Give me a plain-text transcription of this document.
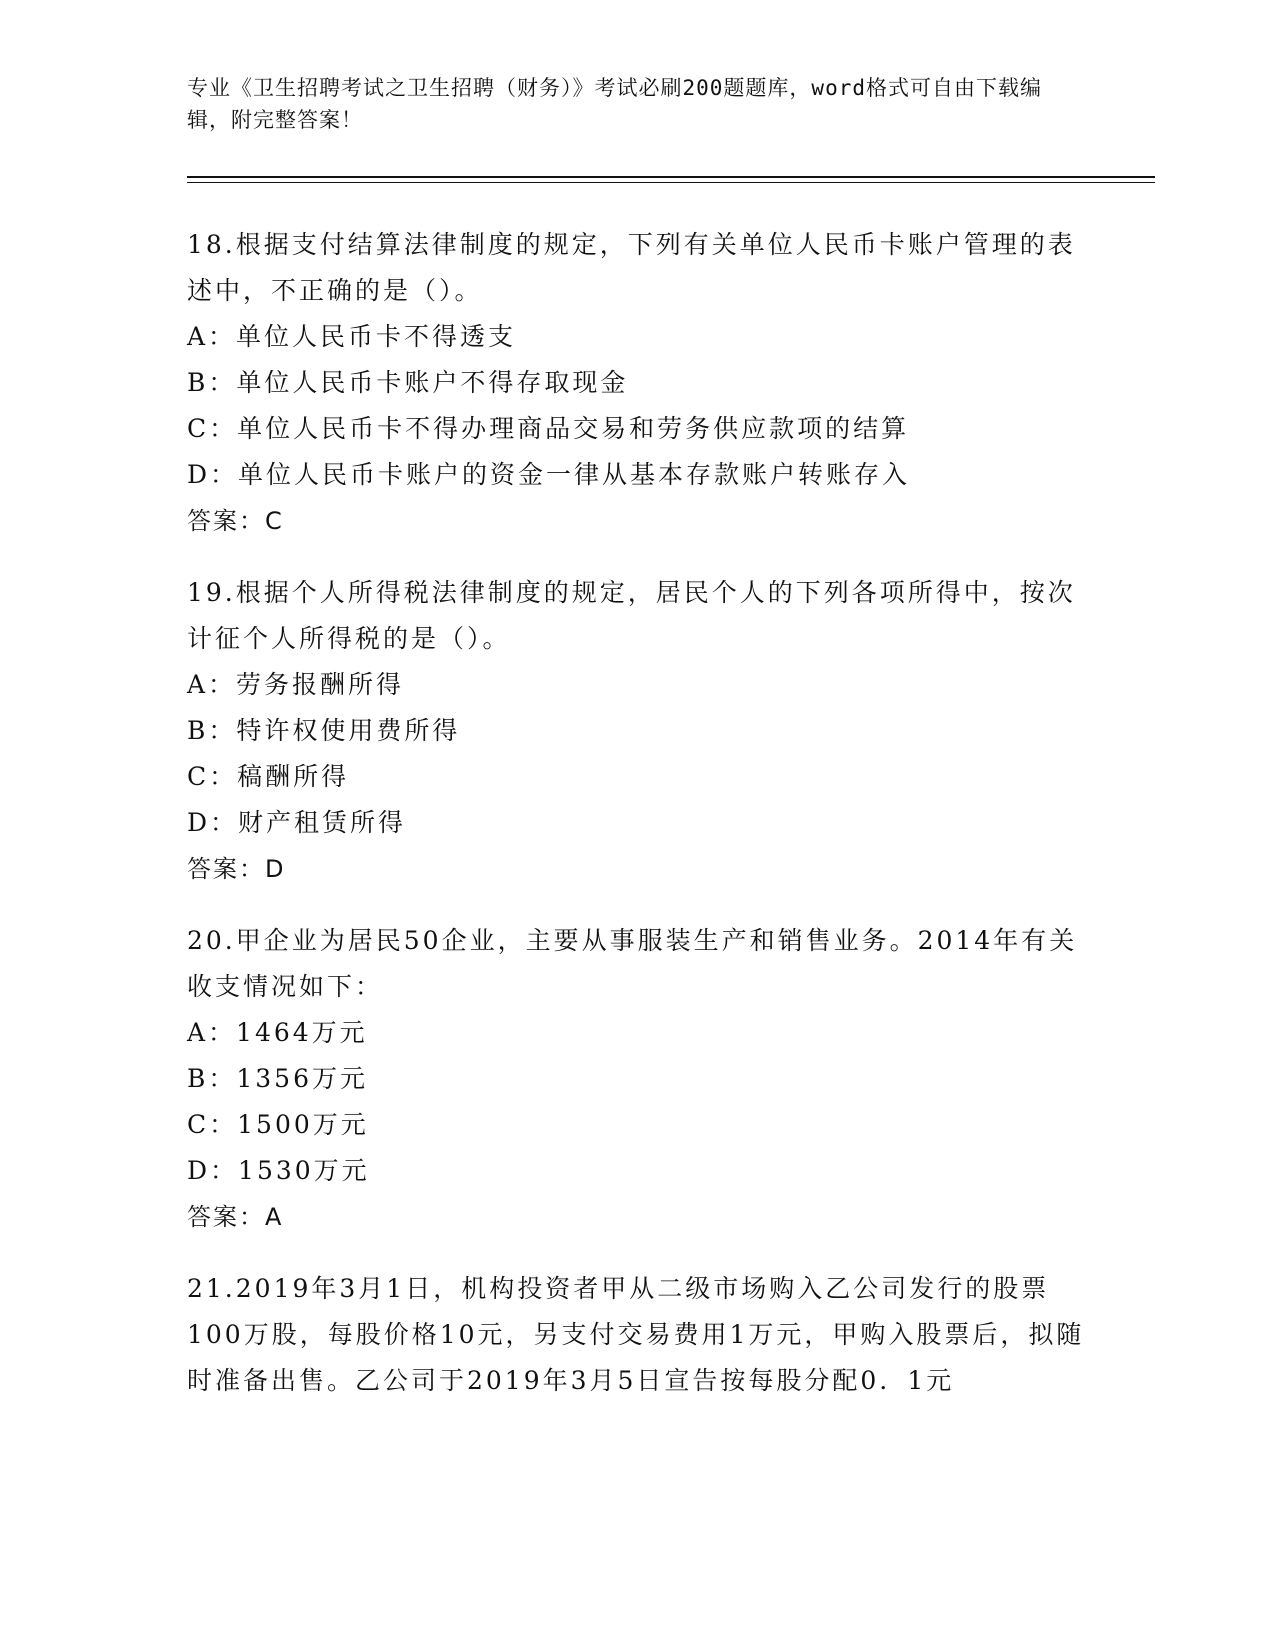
专业《卫生招聘考试之卫生招聘（财务）》考试必刷200题题库，word格式可自由下载编辑，附完整答案！
18.根据支付结算法律制度的规定，下列有关单位人民币卡账户管理的表述中，不正确的是（）。
A：单位人民币卡不得透支
B：单位人民币卡账户不得存取现金
C：单位人民币卡不得办理商品交易和劳务供应款项的结算
D：单位人民币卡账户的资金一律从基本存款账户转账存入
答案：C
19.根据个人所得税法律制度的规定，居民个人的下列各项所得中，按次计征个人所得税的是（）。
A：劳务报酬所得
B：特许权使用费所得
C：稿酬所得
D：财产租赁所得
答案：D
20.甲企业为居民50企业，主要从事服装生产和销售业务。2014年有关收支情况如下：
A：1464万元
B：1356万元
C：1500万元
D：1530万元
答案：A
21.2019年3月1日，机构投资者甲从二级市场购入乙公司发行的股票100万股，每股价格10元，另支付交易费用1万元，甲购入股票后，拟随时准备出售。乙公司于2019年3月5日宣告按每股分配0．1元
